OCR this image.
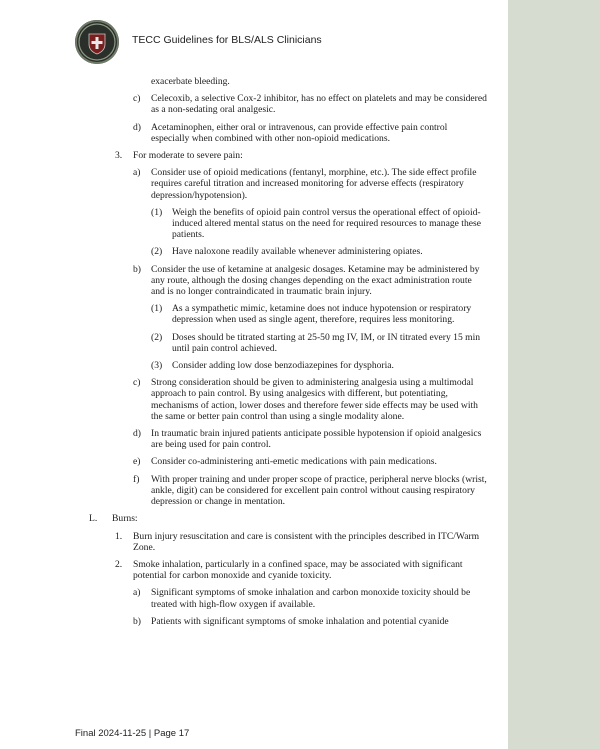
TECC Guidelines for BLS/ALS Clinicians
exacerbate bleeding.
c) Celecoxib, a selective Cox-2 inhibitor, has no effect on platelets and may be considered as a non-sedating oral analgesic.
d) Acetaminophen, either oral or intravenous, can provide effective pain control especially when combined with other non-opioid medications.
3. For moderate to severe pain:
a) Consider use of opioid medications (fentanyl, morphine, etc.). The side effect profile requires careful titration and increased monitoring for adverse effects (respiratory depression/hypotension).
(1) Weigh the benefits of opioid pain control versus the operational effect of opioid-induced altered mental status on the need for required resources to manage these patients.
(2) Have naloxone readily available whenever administering opiates.
b) Consider the use of ketamine at analgesic dosages. Ketamine may be administered by any route, although the dosing changes depending on the exact administration route and is no longer contraindicated in traumatic brain injury.
(1) As a sympathetic mimic, ketamine does not induce hypotension or respiratory depression when used as single agent, therefore, requires less monitoring.
(2) Doses should be titrated starting at 25-50 mg IV, IM, or IN titrated every 15 min until pain control achieved.
(3) Consider adding low dose benzodiazepines for dysphoria.
c) Strong consideration should be given to administering analgesia using a multimodal approach to pain control. By using analgesics with different, but potentiating, mechanisms of action, lower doses and therefore fewer side effects may be used with the same or better pain control than using a single modality alone.
d) In traumatic brain injured patients anticipate possible hypotension if opioid analgesics are being used for pain control.
e) Consider co-administering anti-emetic medications with pain medications.
f) With proper training and under proper scope of practice, peripheral nerve blocks (wrist, ankle, digit) can be considered for excellent pain control without causing respiratory depression or change in mentation.
L. Burns:
1. Burn injury resuscitation and care is consistent with the principles described in ITC/Warm Zone.
2. Smoke inhalation, particularly in a confined space, may be associated with significant potential for carbon monoxide and cyanide toxicity.
a) Significant symptoms of smoke inhalation and carbon monoxide toxicity should be treated with high-flow oxygen if available.
b) Patients with significant symptoms of smoke inhalation and potential cyanide
Final 2024-11-25 | Page 17
